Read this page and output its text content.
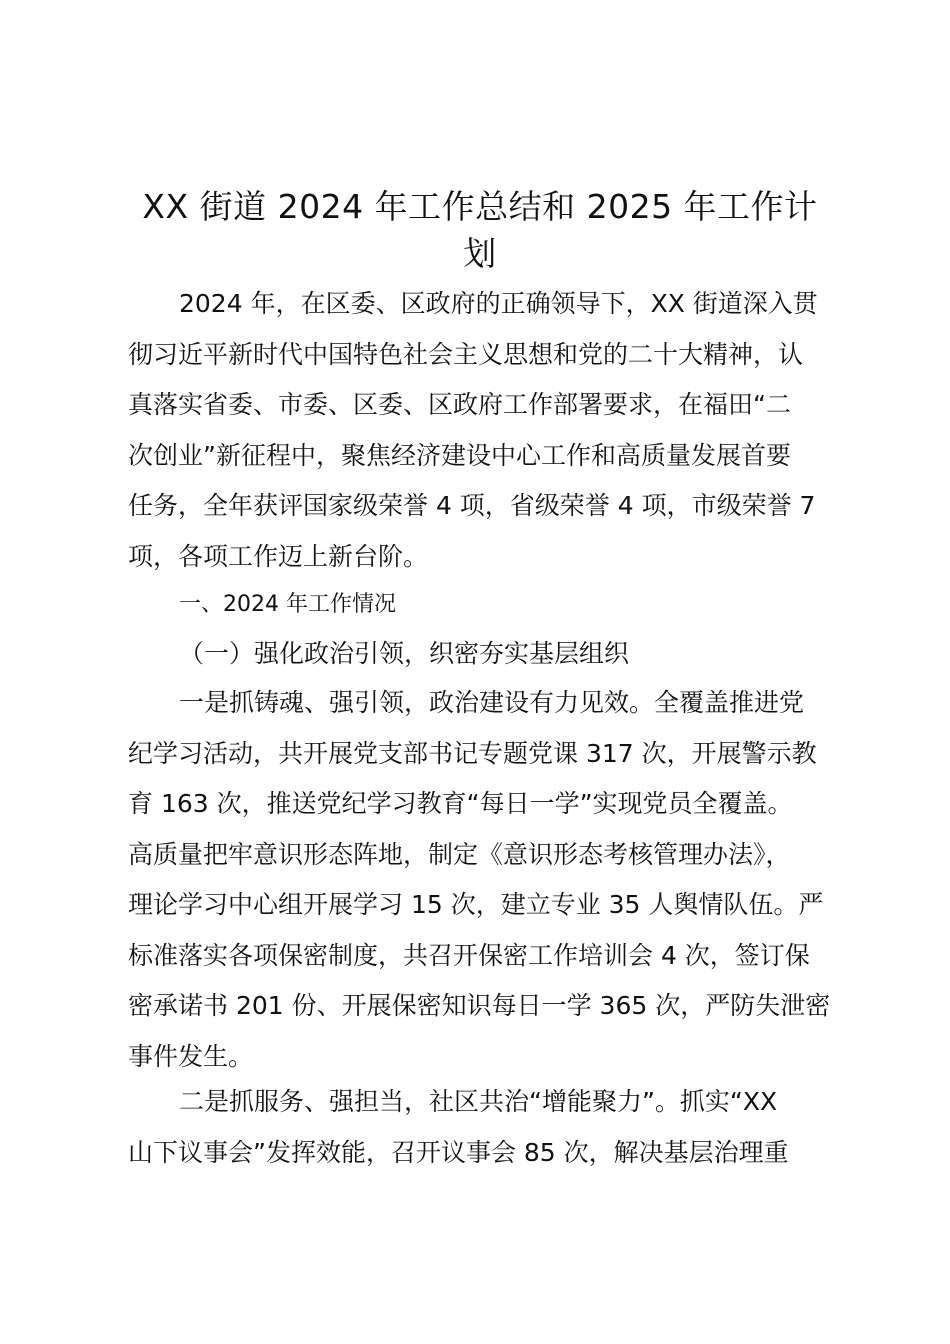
XX 街道 2024 年工作总结和 2025 年工作计
划
2024 年，在区委、区政府的正确领导下，XX 街道深入贯
彻习近平新时代中国特色社会主义思想和党的二十大精神，认
真落实省委、市委、区委、区政府工作部署要求，在福田“二
次创业”新征程中，聚焦经济建设中心工作和高质量发展首要
任务，全年获评国家级荣誉 4 项，省级荣誉 4 项，市级荣誉 7
项，各项工作迈上新台阶。
一、2024 年工作情况
（一）强化政治引领，织密夯实基层组织
一是抓铸魂、强引领，政治建设有力见效。全覆盖推进党
纪学习活动，共开展党支部书记专题党课 317 次，开展警示教
育 163 次，推送党纪学习教育“每日一学”实现党员全覆盖。
高质量把牢意识形态阵地，制定《意识形态考核管理办法》，
理论学习中心组开展学习 15 次，建立专业 35 人舆情队伍。严
标准落实各项保密制度，共召开保密工作培训会 4 次，签订保
密承诺书 201 份、开展保密知识每日一学 365 次，严防失泄密
事件发生。
二是抓服务、强担当，社区共治“增能聚力”。抓实“XX
山下议事会”发挥效能，召开议事会 85 次，解决基层治理重
